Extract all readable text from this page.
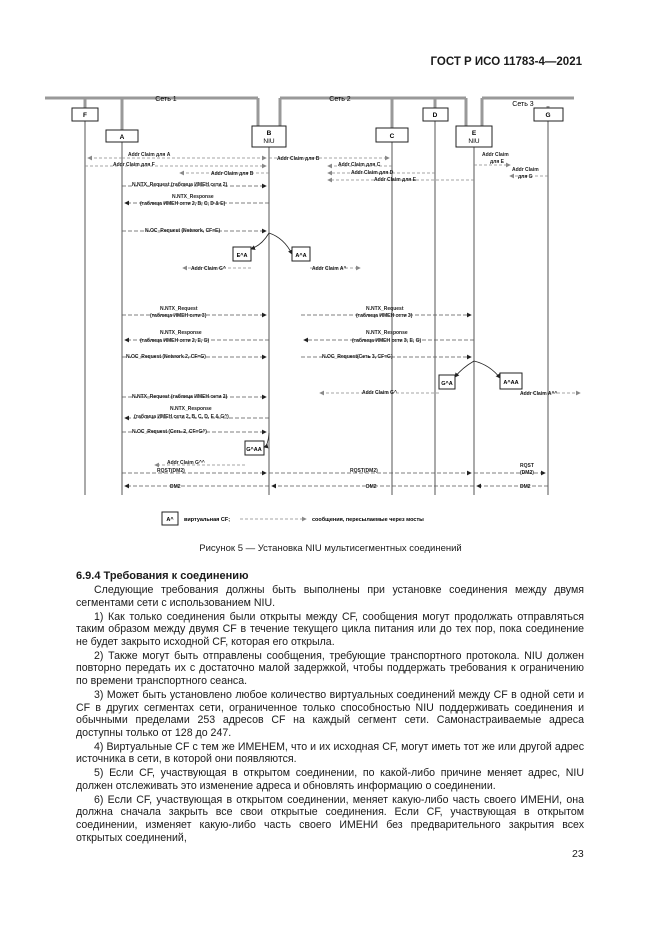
ГОСТ Р ИСО 11783-4—2021
Сеть 1	Сеть 2
Сеть 3
F
A
B
NIU
C
D
E
NIU
G
E^A	A^A
G^A	A^AA
G^AA
Addr Claim для A
Addr Claim для F
Addr Claim для B
Addr Claim для B
Addr Claim для C
Addr Claim для D
Addr Claim для E
Addr Claim
для E
Addr Claim
для G
N.NTX_Request (таблица ИМЕН сети 2)
N.NTX_Response
(таблица ИМЕН сети 2, B, C, D & E)
N.OC_Request (Network, CF=E)
Addr Claim G^	Addr Claim A^
N.NTX_Request
(таблица ИМЕН сети 3)
N.NTX_Response
(таблица ИМЕН сети 2, E, G)
N.OC_Request (Network 2, CF=G)
N.NTX_Request
(таблица ИМЕН сети 3)
N.NTX_Response
(таблица ИМЕН сети 3, E, G)
N.OC_Request(Сеть 3, CF=G)
Addr Claim G^	Addr Claim A^^
N.NTX_Request (таблица ИМЕН сети 2)
N.NTX_Response
(таблица ИМЕН сети 2, B, C, D, E & G^)
N.OC_Request (Сеть 2, CF=G^)
Addr Claim G^^
RQST(DM2)	RQST(DM2)
RQST
(DM2)
DM2	DM2	DM2
A^ виртуальная CF;	сообщения, пересылаемые через мосты
Рисунок 5 — Установка NIU мультисегментных соединений
6.9.4 Требования к соединению

Следующие требования должны быть выполнены при установке соединения между двумя сегментами сети с использованием NIU.

1) Как только соединения были открыты между CF, сообщения могут продолжать отправляться таким образом между двумя CF в течение текущего цикла питания или до тех пор, пока соединение не будет закрыто исходной CF, которая его открыла.

2) Также могут быть отправлены сообщения, требующие транспортного протокола. NIU должен повторно передать их с достаточно малой задержкой, чтобы поддержать требования к ограничению по времени транспортного сеанса.

3) Может быть установлено любое количество виртуальных соединений между CF в одной сети и CF в других сегментах сети, ограниченное только способностью NIU поддерживать соединения и обычными пределами 253 адресов CF на каждый сегмент сети. Самонастраиваемые адреса доступны только от 128 до 247.

4) Виртуальные CF с тем же ИМЕНЕМ, что и их исходная CF, могут иметь тот же или другой адрес источника в сети, в которой они появляются.

5) Если CF, участвующая в открытом соединении, по какой-либо причине меняет адрес, NIU должен отслеживать это изменение адреса и обновлять информацию о соединении.

6) Если CF, участвующая в открытом соединении, меняет какую-либо часть своего ИМЕНИ, она должна сначала закрыть все свои открытые соединения. Если CF, участвующая в открытом соединении, изменяет какую-либо часть своего ИМЕНИ без предварительного закрытия всех открытых соединений,

23
